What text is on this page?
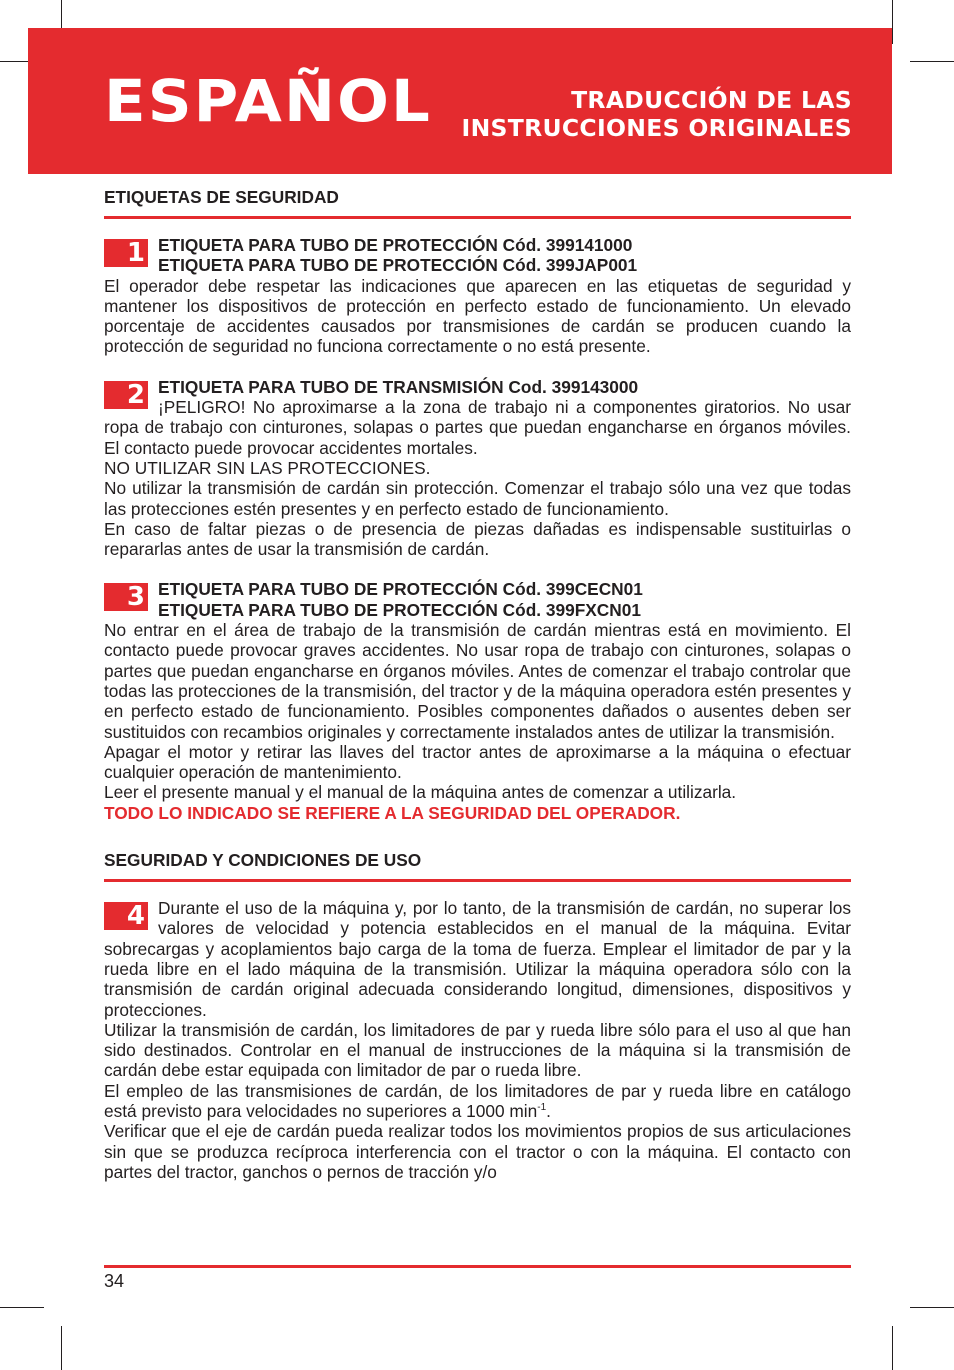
ESPAÑOL	TRADUCCIÓN DE LAS
INSTRUCCIONES ORIGINALES
ETIQUETAS DE SEGURIDAD
1 ETIQUETA PARA TUBO DE PROTECCIÓN Cód. 399141000

ETIQUETA PARA TUBO DE PROTECCIÓN Cód. 399JAP001

El operador debe respetar las indicaciones que aparecen en las etiquetas de seguridad y mantener los dispositivos de protección en perfecto estado de funcionamiento. Un elevado porcentaje de accidentes causados por transmisiones de cardán se producen cuando la protección de seguridad no funciona correctamente o no está presente.

2 ETIQUETA PARA TUBO DE TRANSMISIÓN Cod. 399143000

¡PELIGRO! No aproximarse a la zona de trabajo ni a componentes giratorios. No usar ropa de trabajo con cinturones, solapas o partes que puedan engancharse en órganos móviles. El contacto puede provocar accidentes mortales.

NO UTILIZAR SIN LAS PROTECCIONES.

No utilizar la transmisión de cardán sin protección. Comenzar el trabajo sólo una vez que todas las protecciones estén presentes y en perfecto estado de funcionamiento.

En caso de faltar piezas o de presencia de piezas dañadas es indispensable sustituirlas o repararlas antes de usar la transmisión de cardán.

3 ETIQUETA PARA TUBO DE PROTECCIÓN Cód. 399CECN01

ETIQUETA PARA TUBO DE PROTECCIÓN Cód. 399FXCN01

No entrar en el área de trabajo de la transmisión de cardán mientras está en movimiento. El contacto puede provocar graves accidentes. No usar ropa de trabajo con cinturones, solapas o partes que puedan engancharse en órganos móviles. Antes de comenzar el trabajo controlar que todas las protecciones de la transmisión, del tractor y de la máquina operadora estén presentes y en perfecto estado de funcionamiento. Posibles componentes dañados o ausentes deben ser sustituidos con recambios originales y correctamente instalados antes de utilizar la transmisión.

Apagar el motor y retirar las llaves del tractor antes de aproximarse a la máquina o efectuar cualquier operación de mantenimiento.

Leer el presente manual y el manual de la máquina antes de comenzar a utilizarla.

TODO LO INDICADO SE REFIERE A LA SEGURIDAD DEL OPERADOR.

SEGURIDAD Y CONDICIONES DE USO
4 Durante el uso de la máquina y, por lo tanto, de la transmisión de cardán, no superar los valores de velocidad y potencia establecidos en el manual de la máquina. Evitar sobrecargas y acoplamientos bajo carga de la toma de fuerza. Emplear el limitador de par y la rueda libre en el lado máquina de la transmisión. Utilizar la máquina operadora sólo con la transmisión de cardán original adecuada considerando longitud, dimensiones, dispositivos y protecciones.

Utilizar la transmisión de cardán, los limitadores de par y rueda libre sólo para el uso al que han sido destinados. Controlar en el manual de instrucciones de la máquina si la transmisión de cardán debe estar equipada con limitador de par o rueda libre.

El empleo de las transmisiones de cardán, de los limitadores de par y rueda libre en catálogo está previsto para velocidades no superiores a 1000 $\min^{-1}$.

Verificar que el eje de cardán pueda realizar todos los movimientos propios de sus articulaciones sin que se produzca recíproca interferencia con el tractor o con la máquina. El contacto con partes del tractor, ganchos o pernos de tracción y/o

34
